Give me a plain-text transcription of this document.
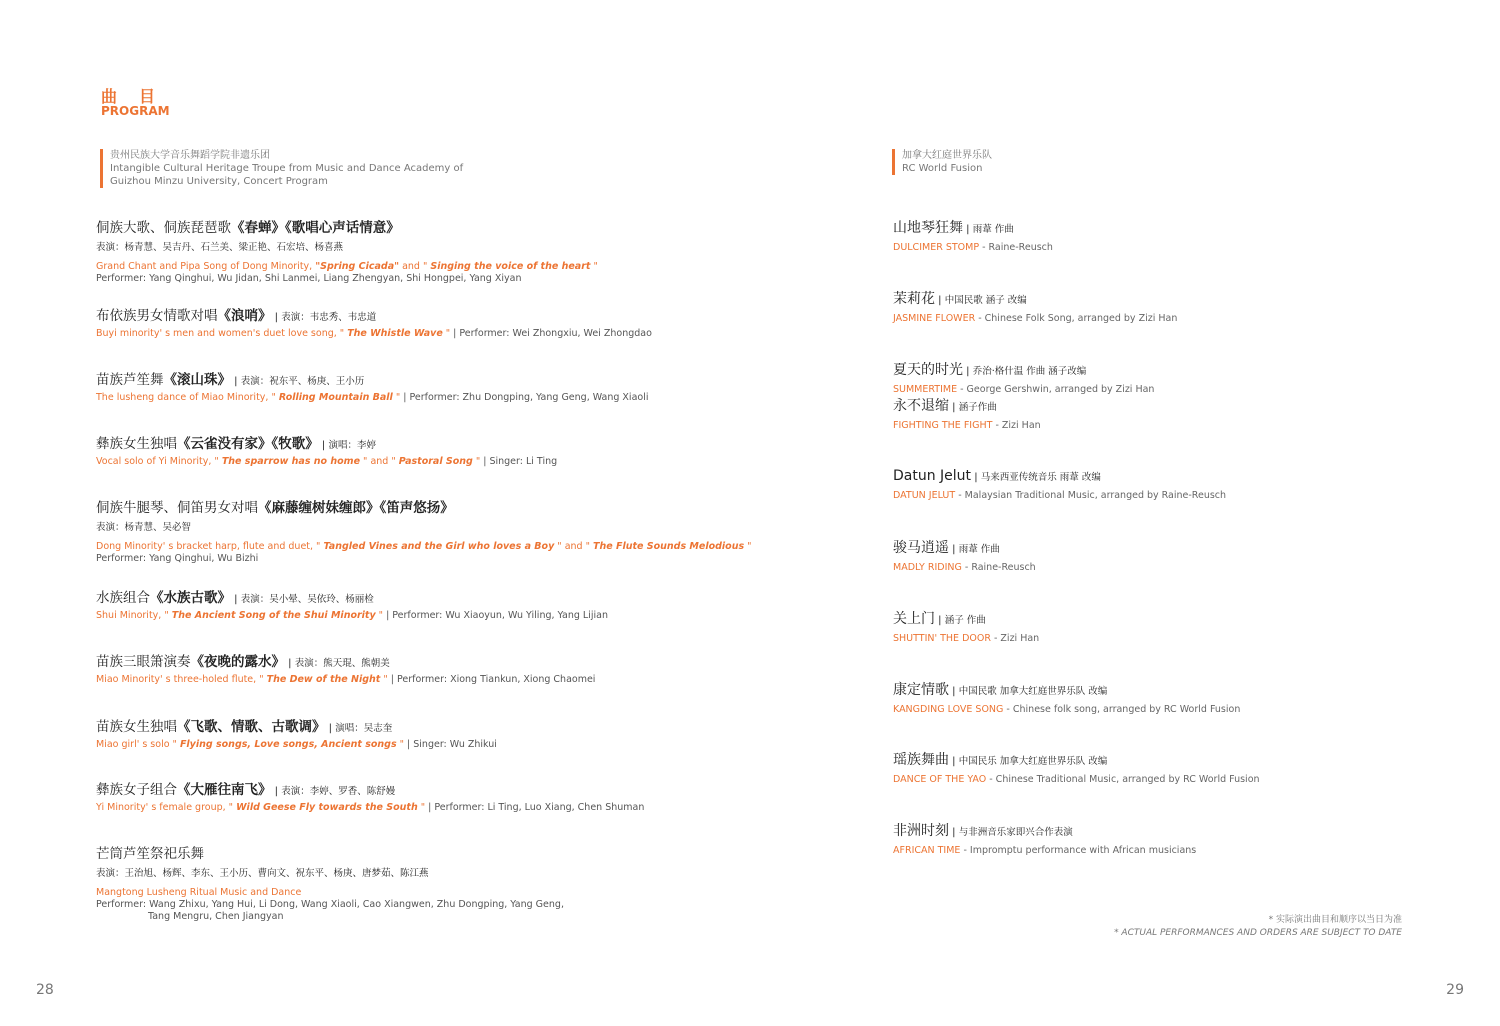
曲目
PROGRAM
贵州民族大学音乐舞蹈学院非遗乐团
Intangible Cultural Heritage Troupe from Music and Dance Academy of
Guizhou Minzu University, Concert Program
加拿大红庭世界乐队
RC World Fusion
侗族大歌、侗族琵琶歌《春蝉》《歌唱心声话情意》
表演：杨青慧、吴吉丹、石兰美、梁正艳、石宏培、杨喜燕
Grand Chant and Pipa Song of Dong Minority, "Spring Cicada" and " Singing the voice of the heart "
Performer: Yang Qinghui, Wu Jidan, Shi Lanmei, Liang Zhengyan, Shi Hongpei, Yang Xiyan
布依族男女情歌对唱《浪哨》 | 表演：韦忠秀、韦忠道
Buyi minority' s men and women's duet love song, " The Whistle Wave " | Performer: Wei Zhongxiu, Wei Zhongdao
苗族芦笙舞《滚山珠》 | 表演：祝东平、杨庚、王小历
The lusheng dance of Miao Minority, " Rolling Mountain Ball " | Performer: Zhu Dongping, Yang Geng, Wang Xiaoli
彝族女生独唱《云雀没有家》《牧歌》 | 演唱：李婷
Vocal solo of Yi Minority, " The sparrow has no home " and " Pastoral Song " | Singer: Li Ting
侗族牛腿琴、侗笛男女对唱《麻藤缠树妹缠郎》《笛声悠扬》
表演：杨青慧、吴必智
Dong Minority' s bracket harp, flute and duet, " Tangled Vines and the Girl who loves a Boy " and " The Flute Sounds Melodious "
Performer: Yang Qinghui, Wu Bizhi
水族组合《水族古歌》 | 表演：吴小晕、吴依玲、杨丽检
Shui Minority, " The Ancient Song of the Shui Minority " | Performer: Wu Xiaoyun, Wu Yiling, Yang Lijian
苗族三眼箫演奏《夜晚的露水》 | 表演：熊天琨、熊朝美
Miao Minority' s three-holed flute, " The Dew of the Night " | Performer: Xiong Tiankun, Xiong Chaomei
苗族女生独唱《飞歌、情歌、古歌调》 | 演唱：吴志奎
Miao girl' s solo " Flying songs, Love songs, Ancient songs " | Singer: Wu Zhikui
彝族女子组合《大雁往南飞》 | 表演：李婷、罗香、陈舒嫚
Yi Minority' s female group, " Wild Geese Fly towards the South " | Performer: Li Ting, Luo Xiang, Chen Shuman
芒筒芦笙祭祀乐舞
表演：王治旭、杨辉、李东、王小历、曹向文、祝东平、杨庚、唐梦茹、陈江燕
Mangtong Lusheng Ritual Music and Dance
Performer: Wang Zhixu, Yang Hui, Li Dong, Wang Xiaoli, Cao Xiangwen, Zhu Dongping, Yang Geng,
Tang Mengru, Chen Jiangyan
山地琴狂舞 | 雨葦 作曲
DULCIMER STOMP - Raine-Reusch
茉莉花 | 中国民歌 涵子 改编
JASMINE FLOWER - Chinese Folk Song, arranged by Zizi Han
夏天的时光 | 乔治·格什温 作曲 涵子改编
SUMMERTIME - George Gershwin, arranged by Zizi Han
永不退缩 | 涵子作曲
FIGHTING THE FIGHT - Zizi Han
Datun Jelut | 马来西亚传统音乐 雨葦 改编
DATUN JELUT - Malaysian Traditional Music, arranged by Raine-Reusch
骏马逍遥 | 雨葦 作曲
MADLY RIDING - Raine-Reusch
关上门 | 涵子 作曲
SHUTTIN' THE DOOR - Zizi Han
康定情歌 | 中国民歌 加拿大红庭世界乐队 改编
KANGDING LOVE SONG - Chinese folk song, arranged by RC World Fusion
瑶族舞曲 | 中国民乐 加拿大红庭世界乐队 改编
DANCE OF THE YAO - Chinese Traditional Music, arranged by RC World Fusion
非洲时刻 | 与非洲音乐家即兴合作表演
AFRICAN TIME - Impromptu performance with African musicians
* 实际演出曲目和顺序以当日为准
* ACTUAL PERFORMANCES AND ORDERS ARE SUBJECT TO DATE
28	29
